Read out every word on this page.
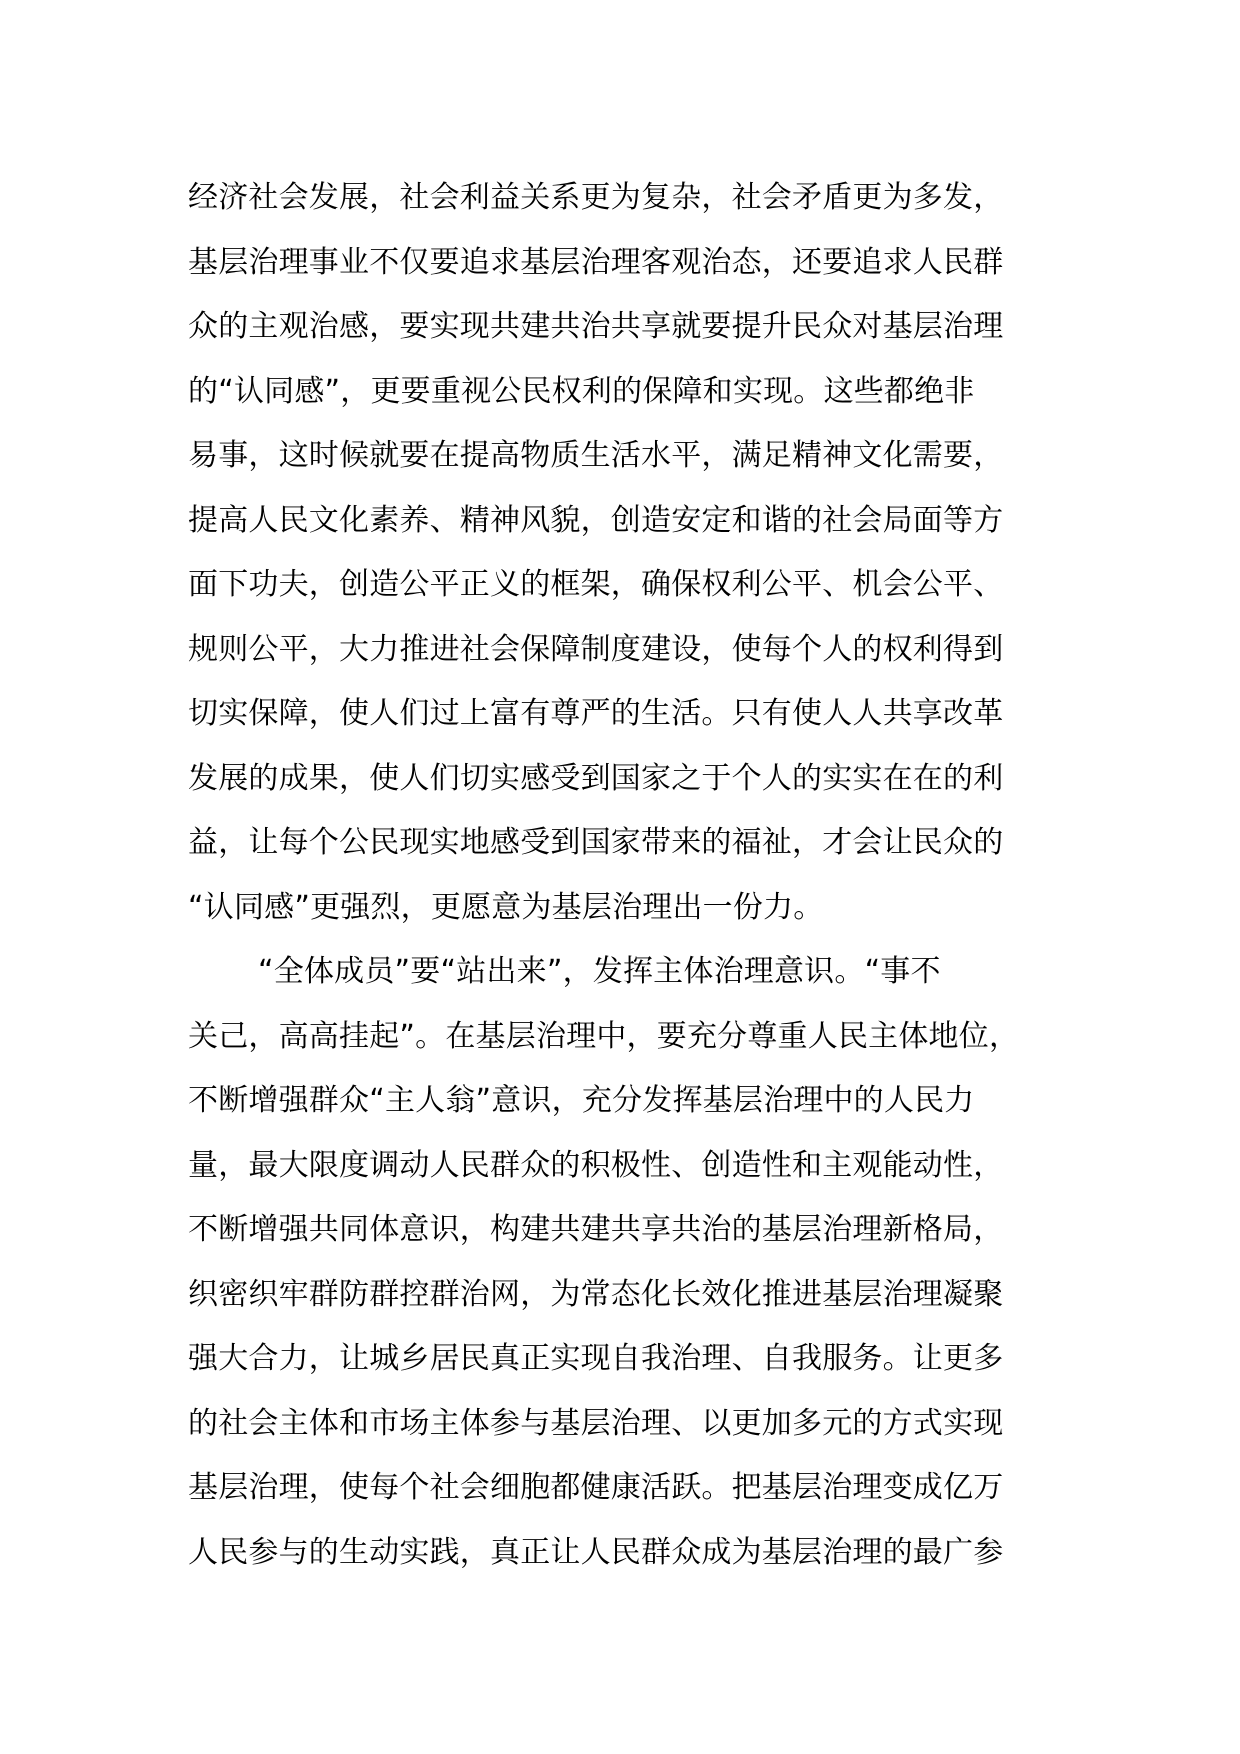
经济社会发展，社会利益关系更为复杂，社会矛盾更为多发，
基层治理事业不仅要追求基层治理客观治态，还要追求人民群
众的主观治感，要实现共建共治共享就要提升民众对基层治理
的“认同感”，更要重视公民权利的保障和实现。这些都绝非
易事，这时候就要在提高物质生活水平，满足精神文化需要，
提高人民文化素养、精神风貌，创造安定和谐的社会局面等方
面下功夫，创造公平正义的框架，确保权利公平、机会公平、
规则公平，大力推进社会保障制度建设，使每个人的权利得到
切实保障，使人们过上富有尊严的生活。只有使人人共享改革
发展的成果，使人们切实感受到国家之于个人的实实在在的利
益，让每个公民现实地感受到国家带来的福祉，才会让民众的
“认同感”更强烈，更愿意为基层治理出一份力。
“全体成员”要“站出来”，发挥主体治理意识。“事不
关己，高高挂起”。在基层治理中，要充分尊重人民主体地位，
不断增强群众“主人翁”意识，充分发挥基层治理中的人民力
量，最大限度调动人民群众的积极性、创造性和主观能动性，
不断增强共同体意识，构建共建共享共治的基层治理新格局，
织密织牢群防群控群治网，为常态化长效化推进基层治理凝聚
强大合力，让城乡居民真正实现自我治理、自我服务。让更多
的社会主体和市场主体参与基层治理、以更加多元的方式实现
基层治理，使每个社会细胞都健康活跃。把基层治理变成亿万
人民参与的生动实践，真正让人民群众成为基层治理的最广参
